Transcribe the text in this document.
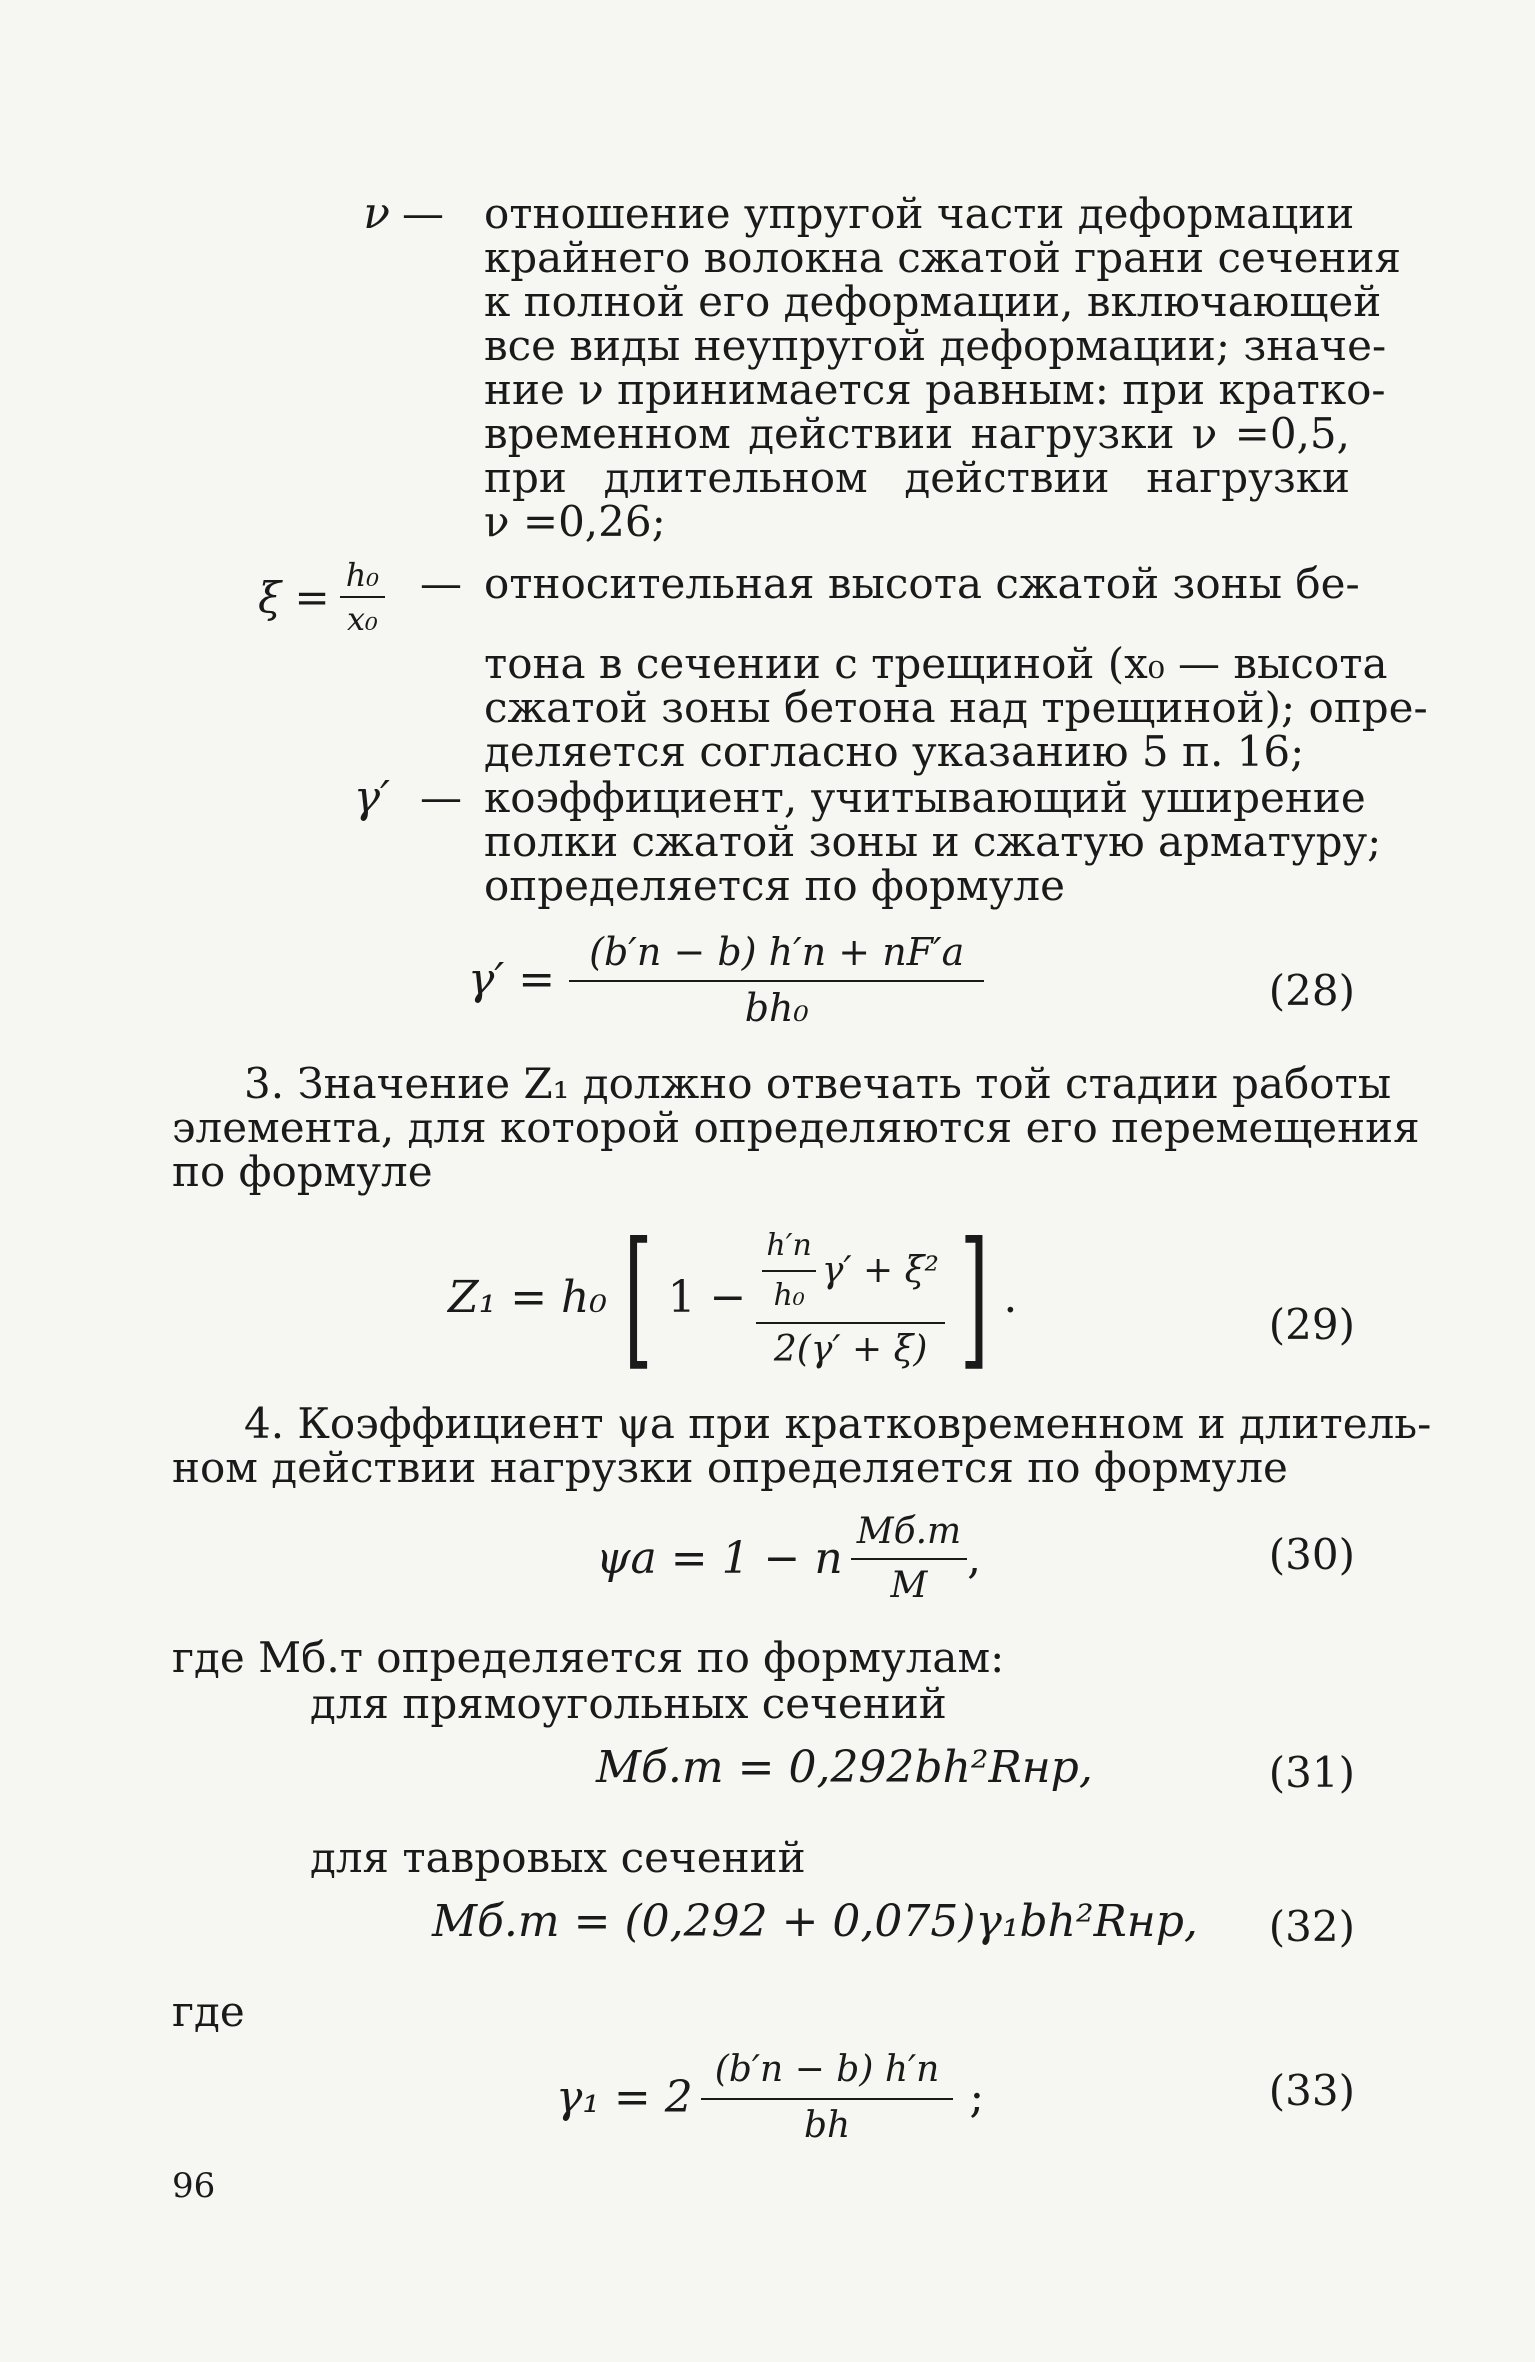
ν — отношение упругой части деформации
крайнего волокна сжатой грани сечения
к полной его деформации, включающей
все виды неупругой деформации; значе-
ние ν принимается равным: при кратко-
временном действии нагрузки ν =0,5,
при длительном действии нагрузки
ν =0,26;
$\xi = \frac{\text{h₀}}{\text{x₀}}$ — относительная высота сжатой зоны бе-
тона в сечении с трещиной (x₀ — высота
сжатой зоны бетона над трещиной); опре-
деляется согласно указанию 5 п. 16;
γ′ — коэффициент, учитывающий уширение
полки сжатой зоны и сжатую арматуру;
определяется по формуле
$\gamma' = \frac{(b'п - b) h'п + nF'а}{\text{bh₀}}$	(28)
3. Значение Z₁ должно отвечать той стадии работы
элемента, для которой определяются его перемещения
по формуле
Z₁ = h₀ [ $1 - \frac{\frac{h'п}{\text{h₀}} \gamma' + \xi^2}{2(\gamma' + \xi)}$ ] .
(29)
4. Коэффициент ψа при кратковременном и длитель-
ном действии нагрузки определяется по формуле
ψа = 1 − n $\frac{Mб.т}{M}$ ,	(30)
где Mб.т определяется по формулам:
для прямоугольных сечений
Mб.т = 0,292bh²Rнр,	(31)
для тавровых сечений
Mб.т = (0,292 + 0,075)γ₁bh²Rнр, (32)
где
$\gamma_1 = 2 \frac{(b'п - b) h'п}{bh}$ ;	(33)
96
